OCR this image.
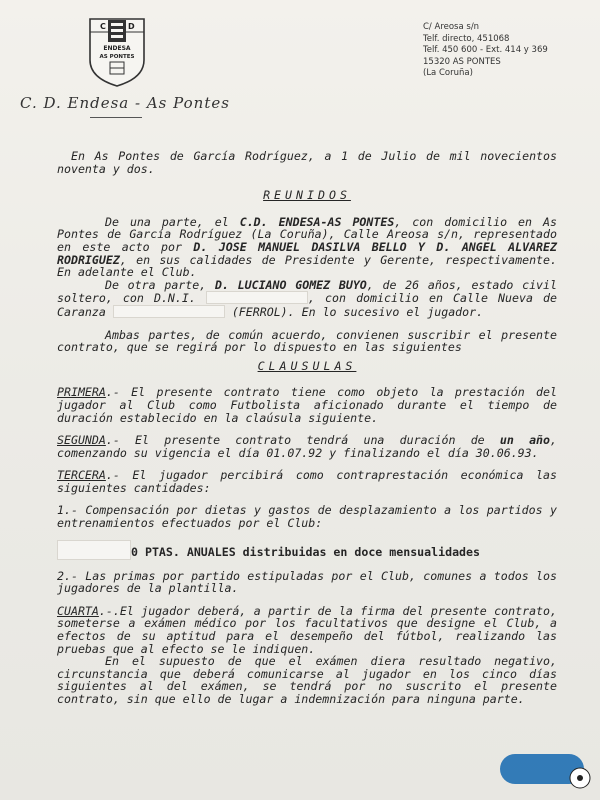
C	D
ENDESA
AS PONTES
C. D. Endesa - As Pontes
C/ Areosa s/n
Telf. directo, 451068
Telf. 450 600 - Ext. 414 y 369
15320 AS PONTES
(La Coruña)

En As Pontes de García Rodríguez, a 1 de Julio de mil novecientos noventa y dos.

REUNIDOS

De una parte, el C.D. ENDESA-AS PONTES, con domicilio en As Pontes de García Rodríguez (La Coruña), Calle Areosa s/n, representado en este acto por D. JOSE MANUEL DASILVA BELLO Y D. ANGEL ALVAREZ RODRIGUEZ, en sus calidades de Presidente y Gerente, respectivamente. En adelante el Club.

De otra parte, D. LUCIANO GOMEZ BUYO, de 26 años, estado civil soltero, con D.N.I.	, con domicilio en Calle Nueva de Caranza	(FERROL). En lo sucesivo el jugador.

Ambas partes, de común acuerdo, convienen suscribir el presente contrato, que se regirá por lo dispuesto en las siguientes

CLAUSULAS

PRIMERA.- El presente contrato tiene como objeto la prestación del jugador al Club como Futbolista aficionado durante el tiempo de duración establecido en la claúsula siguiente.

SEGUNDA.- El presente contrato tendrá una duración de un año, comenzando su vigencia el día 01.07.92 y finalizando el día 30.06.93.

TERCERA.- El jugador percibirá como contraprestación económica las siguientes cantidades:

1.- Compensación por dietas y gastos de desplazamiento a los partidos y entrenamientos efectuados por el Club:

0 PTAS. ANUALES distribuidas en doce mensualidades

2.- Las primas por partido estipuladas por el Club, comunes a todos los jugadores de la plantilla.

CUARTA.-.El jugador deberá, a partir de la firma del presente contrato, someterse a exámen médico por los facultativos que designe el Club, a efectos de su aptitud para el desempeño del fútbol, realizando las pruebas que al efecto se le indiquen.

En el supuesto de que el exámen diera resultado negativo, circunstancia que deberá comunicarse al jugador en los cinco días siguientes al del exámen, se tendrá por no suscrito el presente contrato, sin que ello de lugar a indemnización para ninguna parte.
